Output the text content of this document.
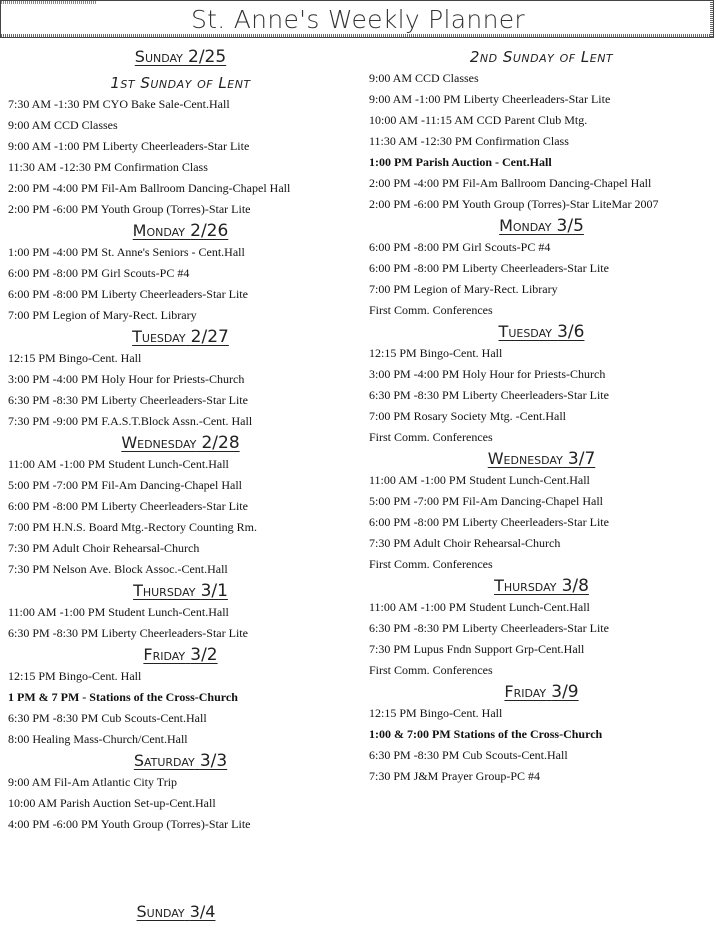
St. Anne's Weekly Planner
Sunday 2/25
1st Sunday of Lent
7:30 AM -1:30 PM CYO Bake Sale-Cent.Hall
9:00 AM CCD Classes
9:00 AM -1:00 PM Liberty Cheerleaders-Star Lite
11:30 AM -12:30 PM Confirmation Class
2:00 PM -4:00 PM Fil-Am Ballroom Dancing-Chapel Hall
2:00 PM -6:00 PM Youth Group (Torres)-Star Lite
Monday 2/26
1:00 PM -4:00 PM St. Anne's Seniors - Cent.Hall
6:00 PM -8:00 PM Girl Scouts-PC #4
6:00 PM -8:00 PM Liberty Cheerleaders-Star Lite
7:00 PM Legion of Mary-Rect. Library
Tuesday 2/27
12:15 PM Bingo-Cent. Hall
3:00 PM -4:00 PM Holy Hour for Priests-Church
6:30 PM -8:30 PM Liberty Cheerleaders-Star Lite
7:30 PM -9:00 PM F.A.S.T.Block Assn.-Cent. Hall
Wednesday 2/28
11:00 AM -1:00 PM Student Lunch-Cent.Hall
5:00 PM -7:00 PM Fil-Am Dancing-Chapel Hall
6:00 PM -8:00 PM Liberty Cheerleaders-Star Lite
7:00 PM H.N.S. Board Mtg.-Rectory Counting Rm.
7:30 PM Adult Choir Rehearsal-Church
7:30 PM Nelson Ave. Block Assoc.-Cent.Hall
Thursday 3/1
11:00 AM -1:00 PM Student Lunch-Cent.Hall
6:30 PM -8:30 PM Liberty Cheerleaders-Star Lite
Friday 3/2
12:15 PM Bingo-Cent. Hall
1 PM & 7 PM - Stations of the Cross-Church
6:30 PM -8:30 PM Cub Scouts-Cent.Hall
8:00 Healing Mass-Church/Cent.Hall
Saturday 3/3
9:00 AM Fil-Am Atlantic City Trip
10:00 AM Parish Auction Set-up-Cent.Hall
4:00 PM -6:00 PM Youth Group (Torres)-Star Lite
Sunday 3/4
2nd Sunday of Lent
9:00 AM CCD Classes
9:00 AM -1:00 PM Liberty Cheerleaders-Star Lite
10:00 AM -11:15 AM CCD Parent Club Mtg.
11:30 AM -12:30 PM Confirmation Class
1:00 PM Parish Auction - Cent.Hall
2:00 PM -4:00 PM Fil-Am Ballroom Dancing-Chapel Hall
2:00 PM -6:00 PM Youth Group (Torres)-Star LiteMar 2007
Monday 3/5
6:00 PM -8:00 PM Girl Scouts-PC #4
6:00 PM -8:00 PM Liberty Cheerleaders-Star Lite
7:00 PM Legion of Mary-Rect. Library
First Comm. Conferences
Tuesday 3/6
12:15 PM Bingo-Cent. Hall
3:00 PM -4:00 PM Holy Hour for Priests-Church
6:30 PM -8:30 PM Liberty Cheerleaders-Star Lite
7:00 PM Rosary Society Mtg. -Cent.Hall
First Comm. Conferences
Wednesday 3/7
11:00 AM -1:00 PM Student Lunch-Cent.Hall
5:00 PM -7:00 PM Fil-Am Dancing-Chapel Hall
6:00 PM -8:00 PM Liberty Cheerleaders-Star Lite
7:30 PM Adult Choir Rehearsal-Church
First Comm. Conferences
Thursday 3/8
11:00 AM -1:00 PM Student Lunch-Cent.Hall
6:30 PM -8:30 PM Liberty Cheerleaders-Star Lite
7:30 PM Lupus Fndn Support Grp-Cent.Hall
First Comm. Conferences
Friday 3/9
12:15 PM Bingo-Cent. Hall
1:00 & 7:00 PM Stations of the Cross-Church
6:30 PM -8:30 PM Cub Scouts-Cent.Hall
7:30 PM J&M Prayer Group-PC #4
